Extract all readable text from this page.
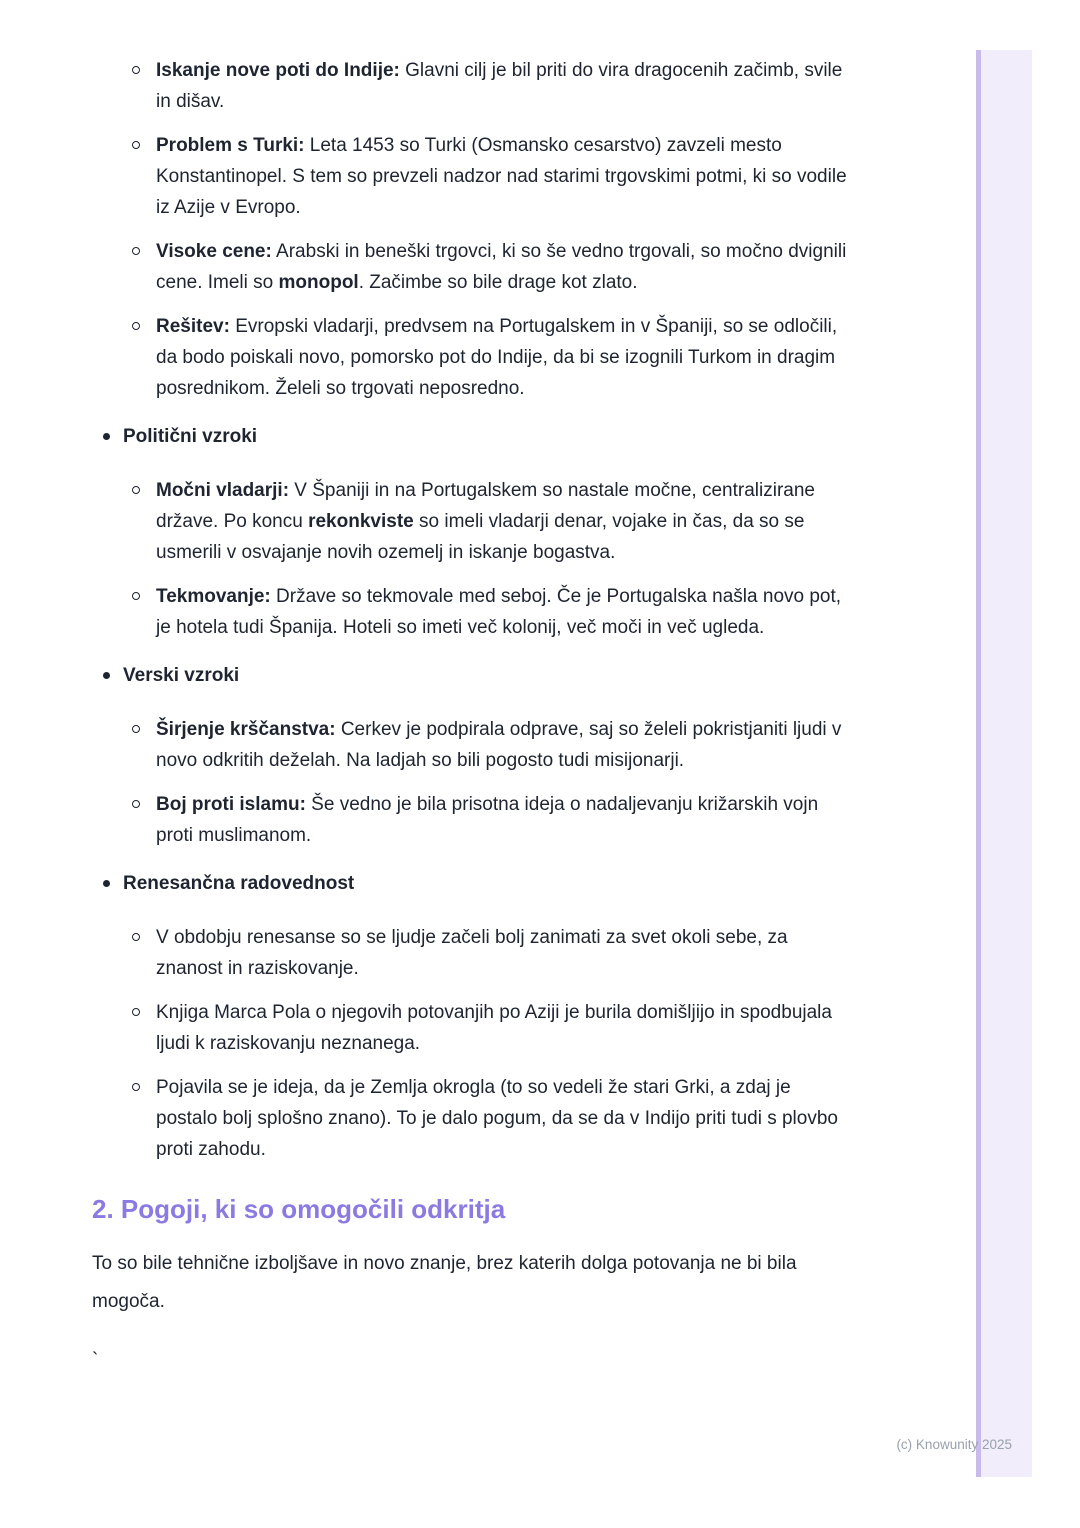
Iskanje nove poti do Indije: Glavni cilj je bil priti do vira dragocenih začimb, svile in dišav.
Problem s Turki: Leta 1453 so Turki (Osmansko cesarstvo) zavzeli mesto Konstantinopel. S tem so prevzeli nadzor nad starimi trgovskimi potmi, ki so vodile iz Azije v Evropo.
Visoke cene: Arabski in beneški trgovci, ki so še vedno trgovali, so močno dvignili cene. Imeli so monopol. Začimbe so bile drage kot zlato.
Rešitev: Evropski vladarji, predvsem na Portugalskem in v Španiji, so se odločili, da bodo poiskali novo, pomorsko pot do Indije, da bi se izognili Turkom in dragim posrednikom. Želeli so trgovati neposredno.
Politični vzroki
Močni vladarji: V Španiji in na Portugalskem so nastale močne, centralizirane države. Po koncu rekonkviste so imeli vladarji denar, vojake in čas, da so se usmerili v osvajanje novih ozemelj in iskanje bogastva.
Tekmovanje: Države so tekmovale med seboj. Če je Portugalska našla novo pot, je hotela tudi Španija. Hoteli so imeti več kolonij, več moči in več ugleda.
Verski vzroki
Širjenje krščanstva: Cerkev je podpirala odprave, saj so želeli pokristjaniti ljudi v novo odkritih deželah. Na ladjah so bili pogosto tudi misijonarji.
Boj proti islamu: Še vedno je bila prisotna ideja o nadaljevanju križarskih vojn proti muslimanom.
Renesančna radovednost
V obdobju renesanse so se ljudje začeli bolj zanimati za svet okoli sebe, za znanost in raziskovanje.
Knjiga Marca Pola o njegovih potovanjih po Aziji je burila domišljijo in spodbujala ljudi k raziskovanju neznanega.
Pojavila se je ideja, da je Zemlja okrogla (to so vedeli že stari Grki, a zdaj je postalo bolj splošno znano). To je dalo pogum, da se da v Indijo priti tudi s plovbo proti zahodu.
2. Pogoji, ki so omogočili odkritja

To so bile tehnične izboljšave in novo znanje, brez katerih dolga potovanja ne bi bila mogoča.

`
(c) Knowunity 2025
